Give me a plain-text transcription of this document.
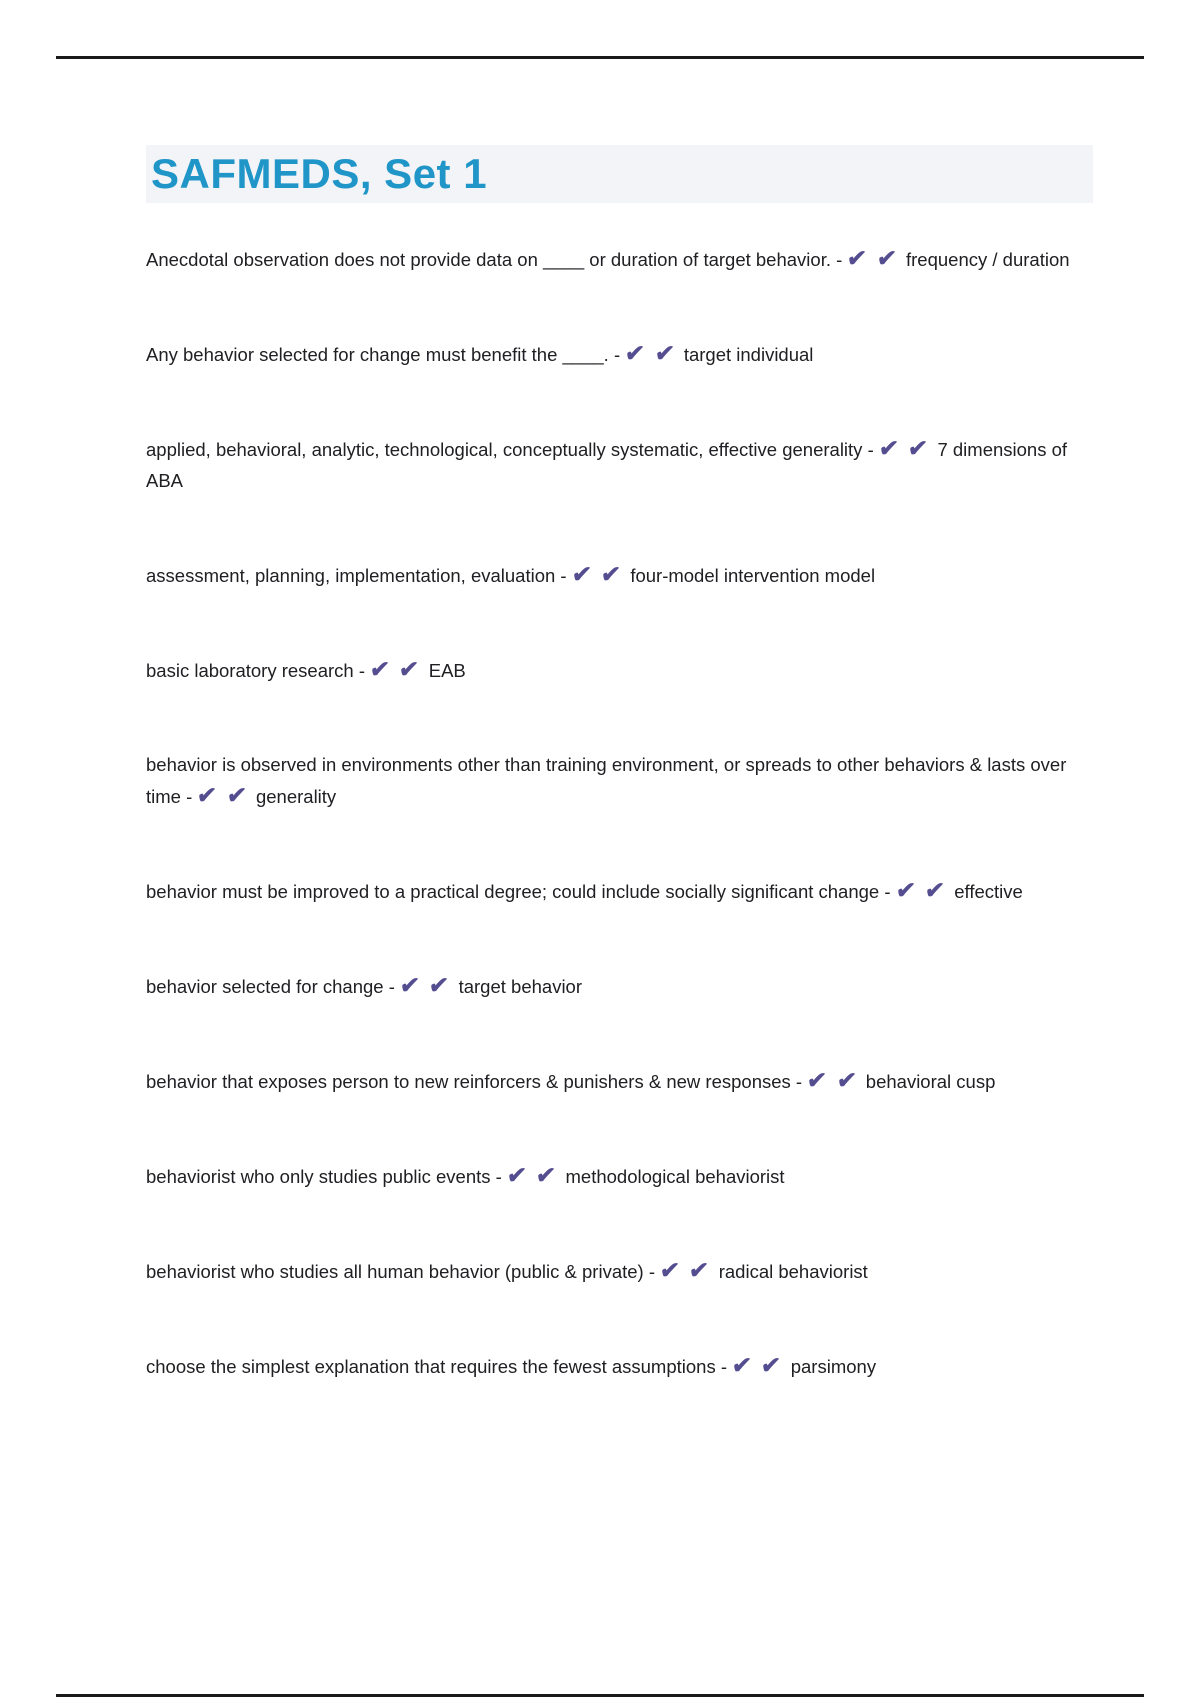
SAFMEDS, Set 1

Anecdotal observation does not provide data on ____ or duration of target behavior. - ✔ ✔ frequency / duration

Any behavior selected for change must benefit the ____. - ✔ ✔ target individual

applied, behavioral, analytic, technological, conceptually systematic, effective generality - ✔ ✔ 7 dimensions of ABA

assessment, planning, implementation, evaluation - ✔ ✔ four-model intervention model

basic laboratory research - ✔ ✔ EAB

behavior is observed in environments other than training environment, or spreads to other behaviors & lasts over time - ✔ ✔ generality

behavior must be improved to a practical degree; could include socially significant change - ✔ ✔ effective

behavior selected for change - ✔ ✔ target behavior

behavior that exposes person to new reinforcers & punishers & new responses - ✔ ✔ behavioral cusp

behaviorist who only studies public events - ✔ ✔ methodological behaviorist

behaviorist who studies all human behavior (public & private) - ✔ ✔ radical behaviorist

choose the simplest explanation that requires the fewest assumptions - ✔ ✔ parsimony
